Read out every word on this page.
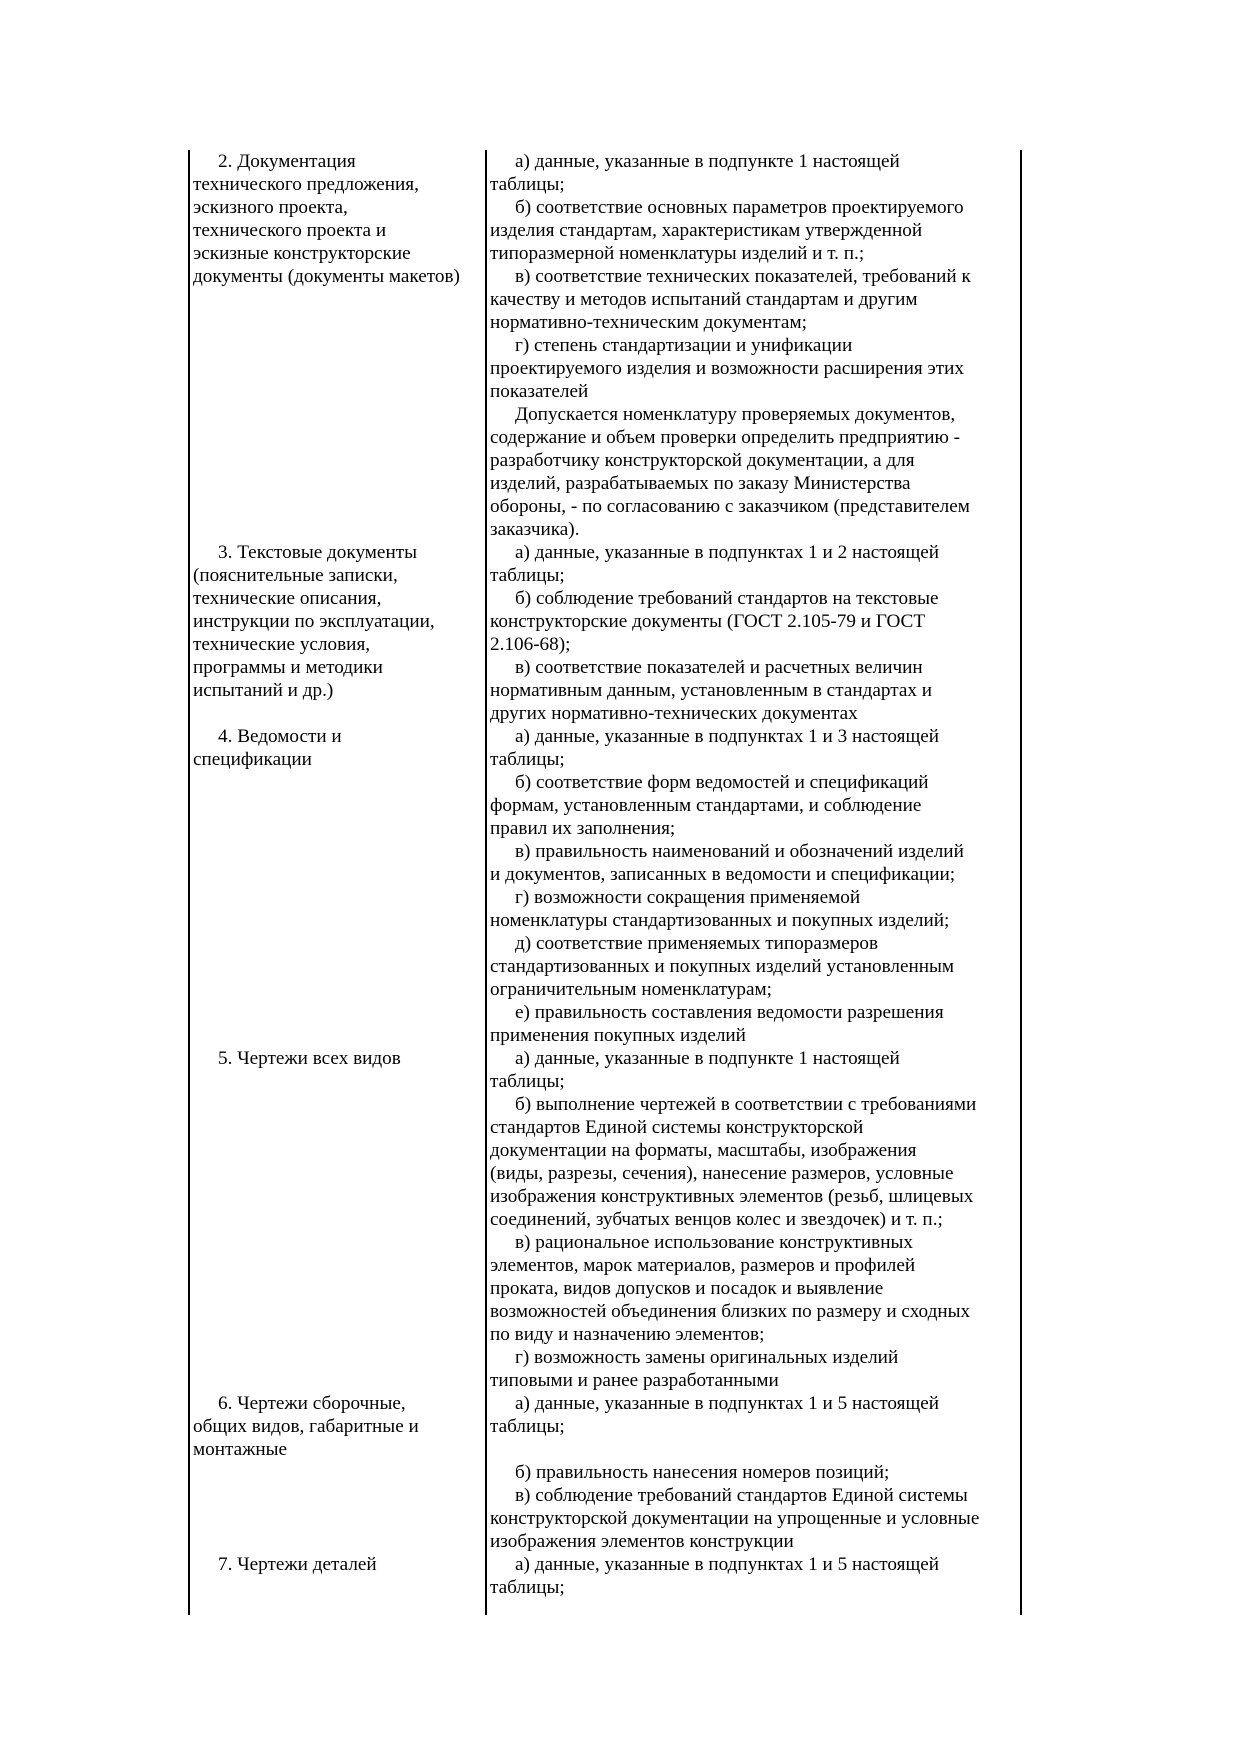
2. Документация
технического предложения,
эскизного проекта,
технического проекта и
эскизные конструкторские
документы (документы макетов)
а) данные, указанные в подпункте 1 настоящей
таблицы;
б) соответствие основных параметров проектируемого
изделия стандартам, характеристикам утвержденной
типоразмерной номенклатуры изделий и т. п.;
в) соответствие технических показателей, требований к
качеству и методов испытаний стандартам и другим
нормативно-техническим документам;
г) степень стандартизации и унификации
проектируемого изделия и возможности расширения этих
показателей
Допускается номенклатуру проверяемых документов,
содержание и объем проверки определить предприятию -
разработчику конструкторской документации, а для
изделий, разрабатываемых по заказу Министерства
обороны, - по согласованию с заказчиком (представителем
заказчика).
3. Текстовые документы
(пояснительные записки,
технические описания,
инструкции по эксплуатации,
технические условия,
программы и методики
испытаний и др.)
а) данные, указанные в подпунктах 1 и 2 настоящей
таблицы;
б) соблюдение требований стандартов на текстовые
конструкторские документы (ГОСТ 2.105-79 и ГОСТ
2.106-68);
в) соответствие показателей и расчетных величин
нормативным данным, установленным в стандартах и
других нормативно-технических документах
4. Ведомости и
спецификации
а) данные, указанные в подпунктах 1 и 3 настоящей
таблицы;
б) соответствие форм ведомостей и спецификаций
формам, установленным стандартами, и соблюдение
правил их заполнения;
в) правильность наименований и обозначений изделий
и документов, записанных в ведомости и спецификации;
г) возможности сокращения применяемой
номенклатуры стандартизованных и покупных изделий;
д) соответствие применяемых типоразмеров
стандартизованных и покупных изделий установленным
ограничительным номенклатурам;
е) правильность составления ведомости разрешения
применения покупных изделий
5. Чертежи всех видов	а) данные, указанные в подпункте 1 настоящей
таблицы;
б) выполнение чертежей в соответствии с требованиями
стандартов Единой системы конструкторской
документации на форматы, масштабы, изображения
(виды, разрезы, сечения), нанесение размеров, условные
изображения конструктивных элементов (резьб, шлицевых
соединений, зубчатых венцов колес и звездочек) и т. п.;
в) рациональное использование конструктивных
элементов, марок материалов, размеров и профилей
проката, видов допусков и посадок и выявление
возможностей объединения близких по размеру и сходных
по виду и назначению элементов;
г) возможность замены оригинальных изделий
типовыми и ранее разработанными
6. Чертежи сборочные,
общих видов, габаритные и
монтажные
а) данные, указанные в подпунктах 1 и 5 настоящей
таблицы;
б) правильность нанесения номеров позиций;
в) соблюдение требований стандартов Единой системы
конструкторской документации на упрощенные и условные
изображения элементов конструкции
7. Чертежи деталей	а) данные, указанные в подпунктах 1 и 5 настоящей
таблицы;
